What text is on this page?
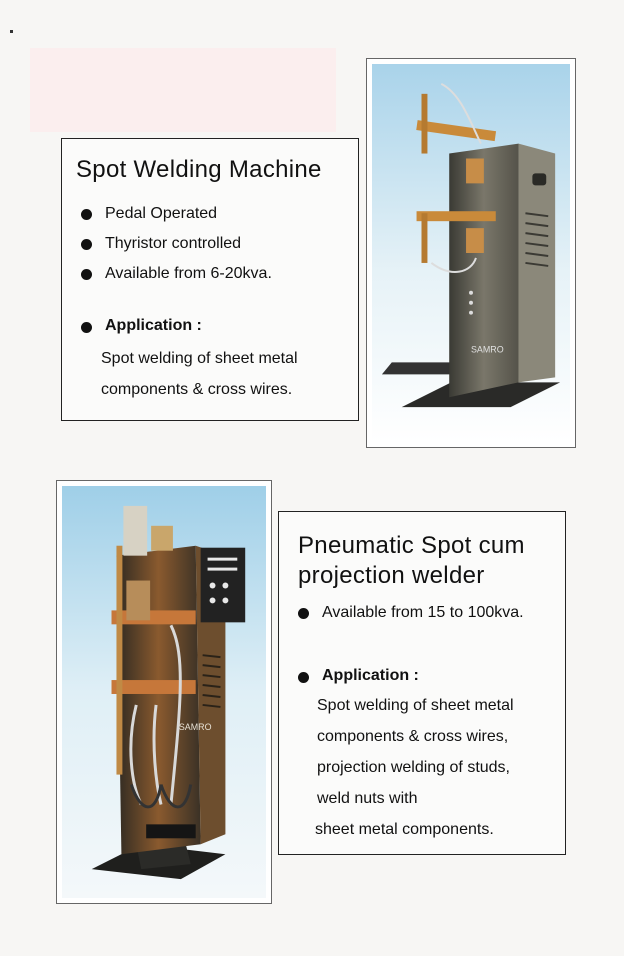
Spot Welding Machine
Pedal Operated
Thyristor controlled
Available from 6-20kva.
Application :
Spot welding of sheet metal
components & cross wires.
SAMRO
SAMRO
Pneumatic Spot cum
projection welder
Available from 15 to 100kva.
Application :
Spot welding of sheet metal
components & cross wires,
projection welding of studs,
weld nuts with
sheet metal components.
